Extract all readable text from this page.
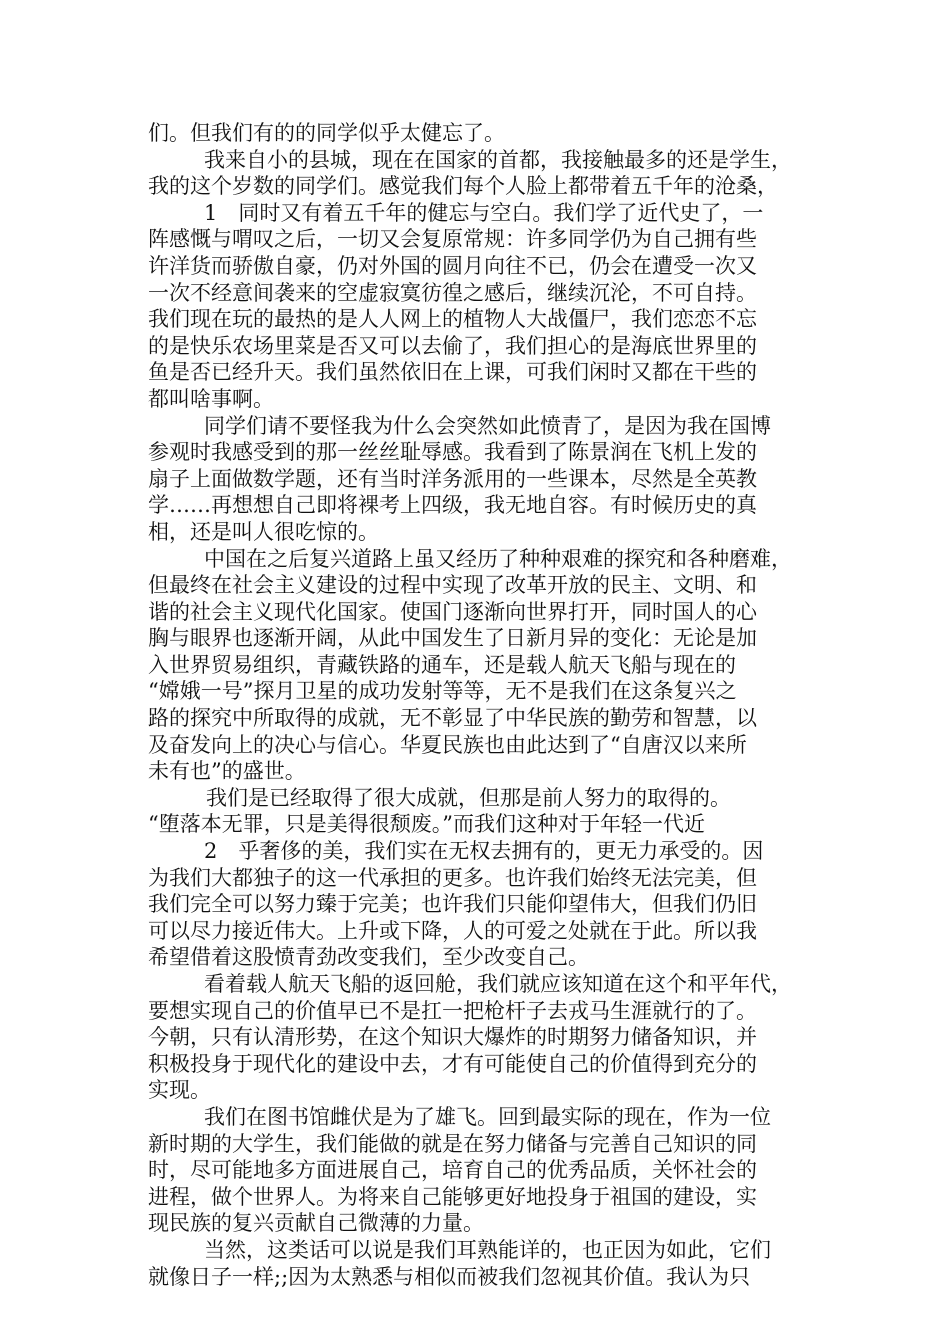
们。但我们有的的同学似乎太健忘了。
我来自小的县城，现在在国家的首都，我接触最多的还是学生，
我的这个岁数的同学们。感觉我们每个人脸上都带着五千年的沧桑，
1　同时又有着五千年的健忘与空白。我们学了近代史了，一
阵感慨与喟叹之后，一切又会复原常规：许多同学仍为自己拥有些
许洋货而骄傲自豪，仍对外国的圆月向往不已，仍会在遭受一次又
一次不经意间袭来的空虚寂寞彷徨之感后，继续沉沦，不可自持。
我们现在玩的最热的是人人网上的植物人大战僵尸，我们恋恋不忘
的是快乐农场里菜是否又可以去偷了，我们担心的是海底世界里的
鱼是否已经升天。我们虽然依旧在上课，可我们闲时又都在干些的
都叫啥事啊。
同学们请不要怪我为什么会突然如此愤青了，是因为我在国博
参观时我感受到的那一丝丝耻辱感。我看到了陈景润在飞机上发的
扇子上面做数学题，还有当时洋务派用的一些课本，尽然是全英教
学……再想想自己即将裸考上四级，我无地自容。有时候历史的真
相，还是叫人很吃惊的。
中国在之后复兴道路上虽又经历了种种艰难的探究和各种磨难，
但最终在社会主义建设的过程中实现了改革开放的民主、文明、和
谐的社会主义现代化国家。使国门逐渐向世界打开，同时国人的心
胸与眼界也逐渐开阔，从此中国发生了日新月异的变化：无论是加
入世界贸易组织，青藏铁路的通车，还是载人航天飞船与现在的
“嫦娥一号”探月卫星的成功发射等等，无不是我们在这条复兴之
路的探究中所取得的成就，无不彰显了中华民族的勤劳和智慧，以
及奋发向上的决心与信心。华夏民族也由此达到了“自唐汉以来所
未有也”的盛世。
我们是已经取得了很大成就，但那是前人努力的取得的。
“堕落本无罪，只是美得很颓废。”而我们这种对于年轻一代近
2　乎奢侈的美，我们实在无权去拥有的，更无力承受的。因
为我们大都独子的这一代承担的更多。也许我们始终无法完美，但
我们完全可以努力臻于完美；也许我们只能仰望伟大，但我们仍旧
可以尽力接近伟大。上升或下降，人的可爱之处就在于此。所以我
希望借着这股愤青劲改变我们，至少改变自己。
看着载人航天飞船的返回舱，我们就应该知道在这个和平年代，
要想实现自己的价值早已不是扛一把枪杆子去戎马生涯就行的了。
今朝，只有认清形势，在这个知识大爆炸的时期努力储备知识，并
积极投身于现代化的建设中去，才有可能使自己的价值得到充分的
实现。
我们在图书馆雌伏是为了雄飞。回到最实际的现在，作为一位
新时期的大学生，我们能做的就是在努力储备与完善自己知识的同
时，尽可能地多方面进展自己，培育自己的优秀品质，关怀社会的
进程，做个世界人。为将来自己能够更好地投身于祖国的建设，实
现民族的复兴贡献自己微薄的力量。
当然，这类话可以说是我们耳熟能详的，也正因为如此，它们
就像日子一样;;因为太熟悉与相似而被我们忽视其价值。我认为只
